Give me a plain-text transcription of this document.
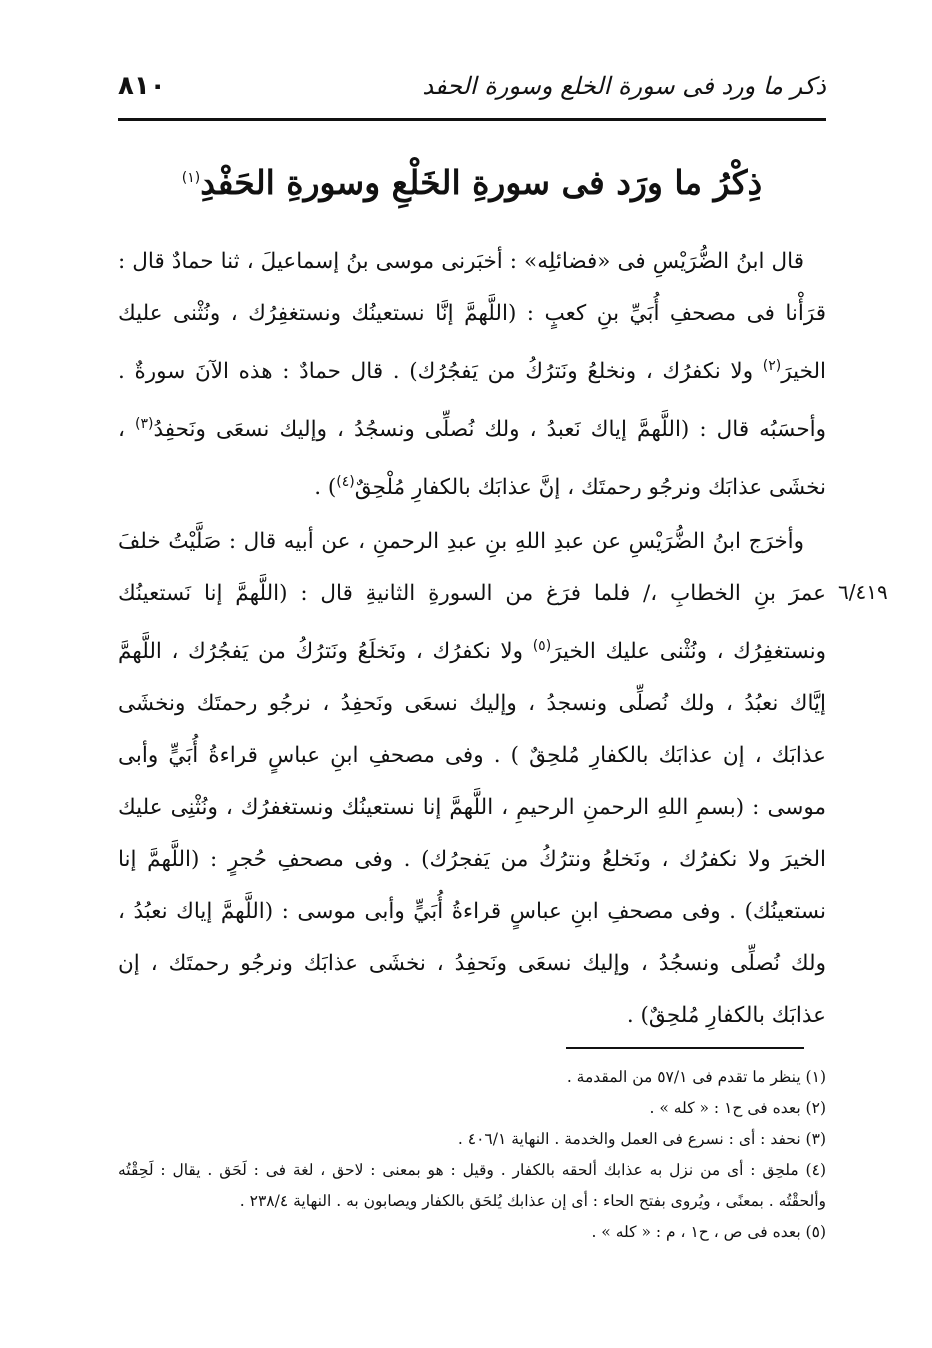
ذكر ما ورد فى سورة الخلع وسورة الحفد
٨١٠
ذِكْرُ ما ورَد فى سورةِ الخَلْعِ وسورةِ الحَفْدِ$^{(١)}$

قال ابنُ الضُّرَيْسِ فى «فضائلِه» : أخبَرنى موسى بنُ إسماعيلَ ، ثنا حمادٌ قال : قرَأْنا فى مصحفِ أُبَيِّ بنِ كعبٍ : (اللَّهمَّ إنَّا نستعينُك ونستغفِرُك ، ونُثْنى عليك الخيرَ$^{(٢)}$ ولا نكفرُك ، ونخلعُ ونَترُكُ من يَفجُرُك) . قال حمادٌ : هذه الآنَ سورةٌ . وأحسَبُه قال : (اللَّهمَّ إياك نَعبدُ ، ولك نُصلِّى ونسجُدُ ، وإليك نسعَى ونَحفِدُ$^{(٣)}$ ، نخشَى عذابَك ونرجُو رحمتَك ، إنَّ عذابَك بالكفارِ مُلْحِقٌ$^{(٤)}$) .

وأخرَج ابنُ الضُّرَيْسِ عن عبدِ اللهِ بنِ عبدِ الرحمنِ ، عن أبيه قال : صَلَّيْتُ خلفَ عمرَ بنِ الخطابِ ،/ فلما فرَغ من السورةِ الثانيةِ قال : (اللَّهمَّ إنا نَستعينُك ونستغفِرُك ، ونُثْنى عليك الخيرَ$^{(٥)}$ ولا نكفرُك ، ونَخلَعُ ونَترُكُ من يَفجُرُك ، اللَّهمَّ إيَّاك نعبُدُ ، ولك نُصلِّى ونسجدُ ، وإليك نسعَى ونَحفِدُ ، نرجُو رحمتَك ونخشَى عذابَك ، إن عذابَك بالكفارِ مُلحِقٌ ) . وفى مصحفِ ابنِ عباسٍ قراءةُ أُبَيٍّ وأبى موسى : (بسمِ اللهِ الرحمنِ الرحيمِ ، اللَّهمَّ إنا نستعينُك ونستغفرُك ، ونُثْنِى عليك الخيرَ ولا نكفرُك ، ونَخلعُ ونترُكُ من يَفجرُك) . وفى مصحفِ حُجرٍ : (اللَّهمَّ إنا نستعينُك) . وفى مصحفِ ابنِ عباسٍ قراءةُ أُبَيٍّ وأبى موسى : (اللَّهمَّ إياك نعبُدُ ، ولك نُصلِّى ونسجُدُ ، وإليك نسعَى ونَحفِدُ ، نخشَى عذابَك ونرجُو رحمتَك ، إن عذابَك بالكفارِ مُلحِقٌ) .

٦/٤١٩

(١) ينظر ما تقدم فى ٥٧/١ من المقدمة .

(٢) بعده فى ح١ : « كله » .

(٣) نحفد : أى : نسرع فى العمل والخدمة . النهاية ٤٠٦/١ .

(٤) ملحِق : أى من نزل به عذابك ألحقه بالكفار . وقيل : هو بمعنى : لاحق ، لغة فى : لَحَق . يقال : لَحِقْتُه وألحقْتُه . بمعنًى ، ويُروى بفتح الحاء : أى إن عذابك يُلحَق بالكفار ويصابون به . النهاية ٢٣٨/٤ .

(٥) بعده فى ص ، ح١ ، م : « كله » .
